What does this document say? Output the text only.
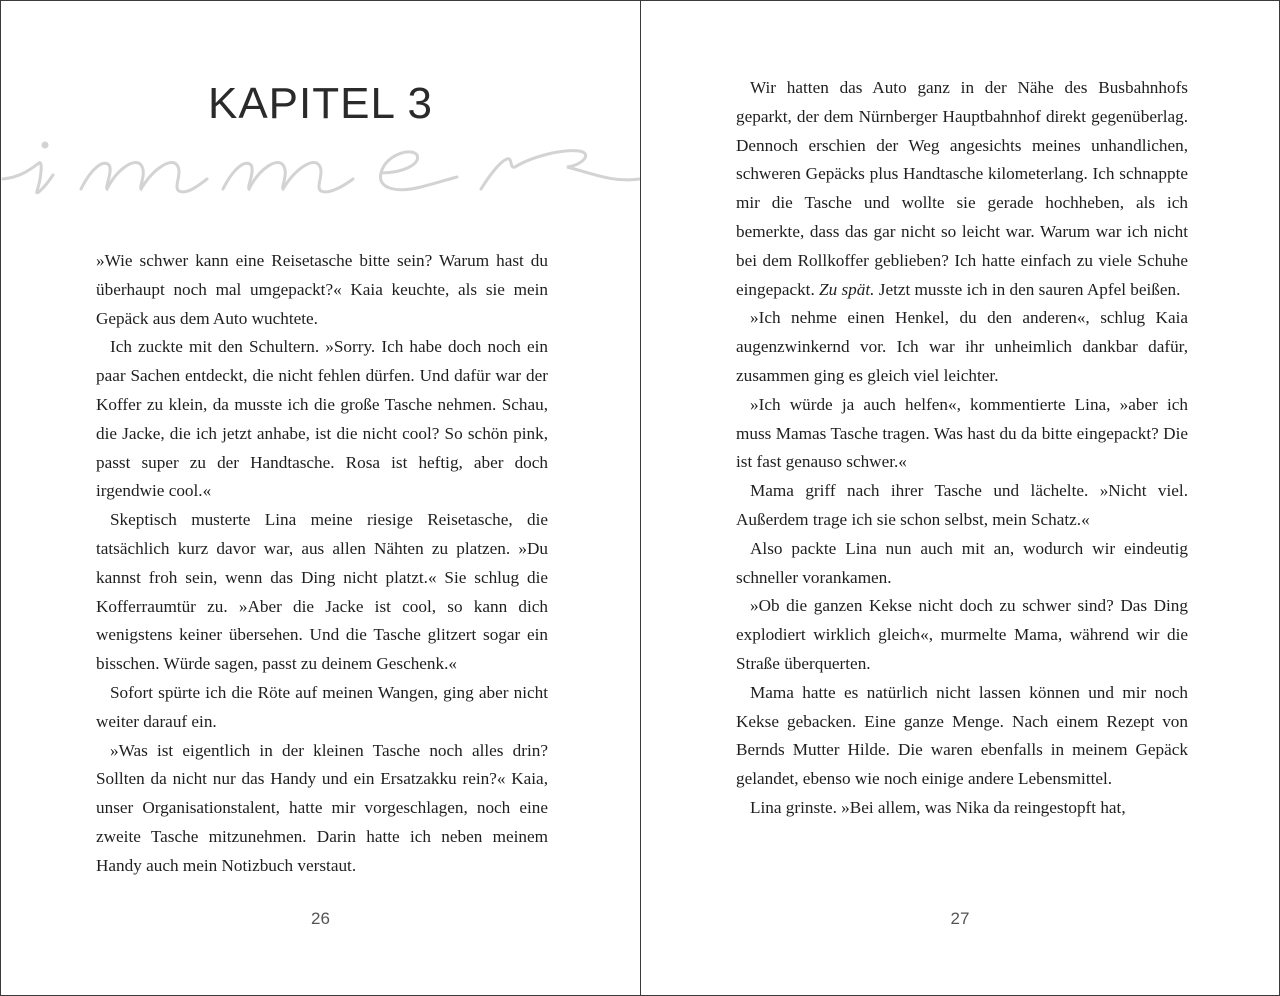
KAPITEL 3

»Wie schwer kann eine Reisetasche bitte sein? Warum hast du überhaupt noch mal umgepackt?« Kaia keuchte, als sie mein Gepäck aus dem Auto wuchtete.

Ich zuckte mit den Schultern. »Sorry. Ich habe doch noch ein paar Sachen entdeckt, die nicht fehlen dürfen. Und dafür war der Koffer zu klein, da musste ich die große Tasche nehmen. Schau, die Jacke, die ich jetzt anhabe, ist die nicht cool? So schön pink, passt super zu der Handtasche. Rosa ist heftig, aber doch irgendwie cool.«

Skeptisch musterte Lina meine riesige Reisetasche, die tatsächlich kurz davor war, aus allen Nähten zu platzen. »Du kannst froh sein, wenn das Ding nicht platzt.« Sie schlug die Kofferraumtür zu. »Aber die Jacke ist cool, so kann dich wenigstens keiner übersehen. Und die Tasche glitzert sogar ein bisschen. Würde sagen, passt zu deinem Geschenk.«

Sofort spürte ich die Röte auf meinen Wangen, ging aber nicht weiter darauf ein.

»Was ist eigentlich in der kleinen Tasche noch alles drin? Sollten da nicht nur das Handy und ein Ersatzakku rein?« Kaia, unser Organisationstalent, hatte mir vorgeschlagen, noch eine zweite Tasche mitzunehmen. Darin hatte ich neben meinem Handy auch mein Notizbuch verstaut.

26

Wir hatten das Auto ganz in der Nähe des Busbahnhofs geparkt, der dem Nürnberger Hauptbahnhof direkt gegenüberlag. Dennoch erschien der Weg angesichts meines unhandlichen, schweren Gepäcks plus Handtasche kilometerlang. Ich schnappte mir die Tasche und wollte sie gerade hochheben, als ich bemerkte, dass das gar nicht so leicht war. Warum war ich nicht bei dem Rollkoffer geblieben? Ich hatte einfach zu viele Schuhe eingepackt. Zu spät. Jetzt musste ich in den sauren Apfel beißen.

»Ich nehme einen Henkel, du den anderen«, schlug Kaia augenzwinkernd vor. Ich war ihr unheimlich dankbar dafür, zusammen ging es gleich viel leichter.

»Ich würde ja auch helfen«, kommentierte Lina, »aber ich muss Mamas Tasche tragen. Was hast du da bitte eingepackt? Die ist fast genauso schwer.«

Mama griff nach ihrer Tasche und lächelte. »Nicht viel. Außerdem trage ich sie schon selbst, mein Schatz.«

Also packte Lina nun auch mit an, wodurch wir eindeutig schneller vorankamen.

»Ob die ganzen Kekse nicht doch zu schwer sind? Das Ding explodiert wirklich gleich«, murmelte Mama, während wir die Straße überquerten.

Mama hatte es natürlich nicht lassen können und mir noch Kekse gebacken. Eine ganze Menge. Nach einem Rezept von Bernds Mutter Hilde. Die waren ebenfalls in meinem Gepäck gelandet, ebenso wie noch einige andere Lebensmittel.

Lina grinste. »Bei allem, was Nika da reingestopft hat,

27
